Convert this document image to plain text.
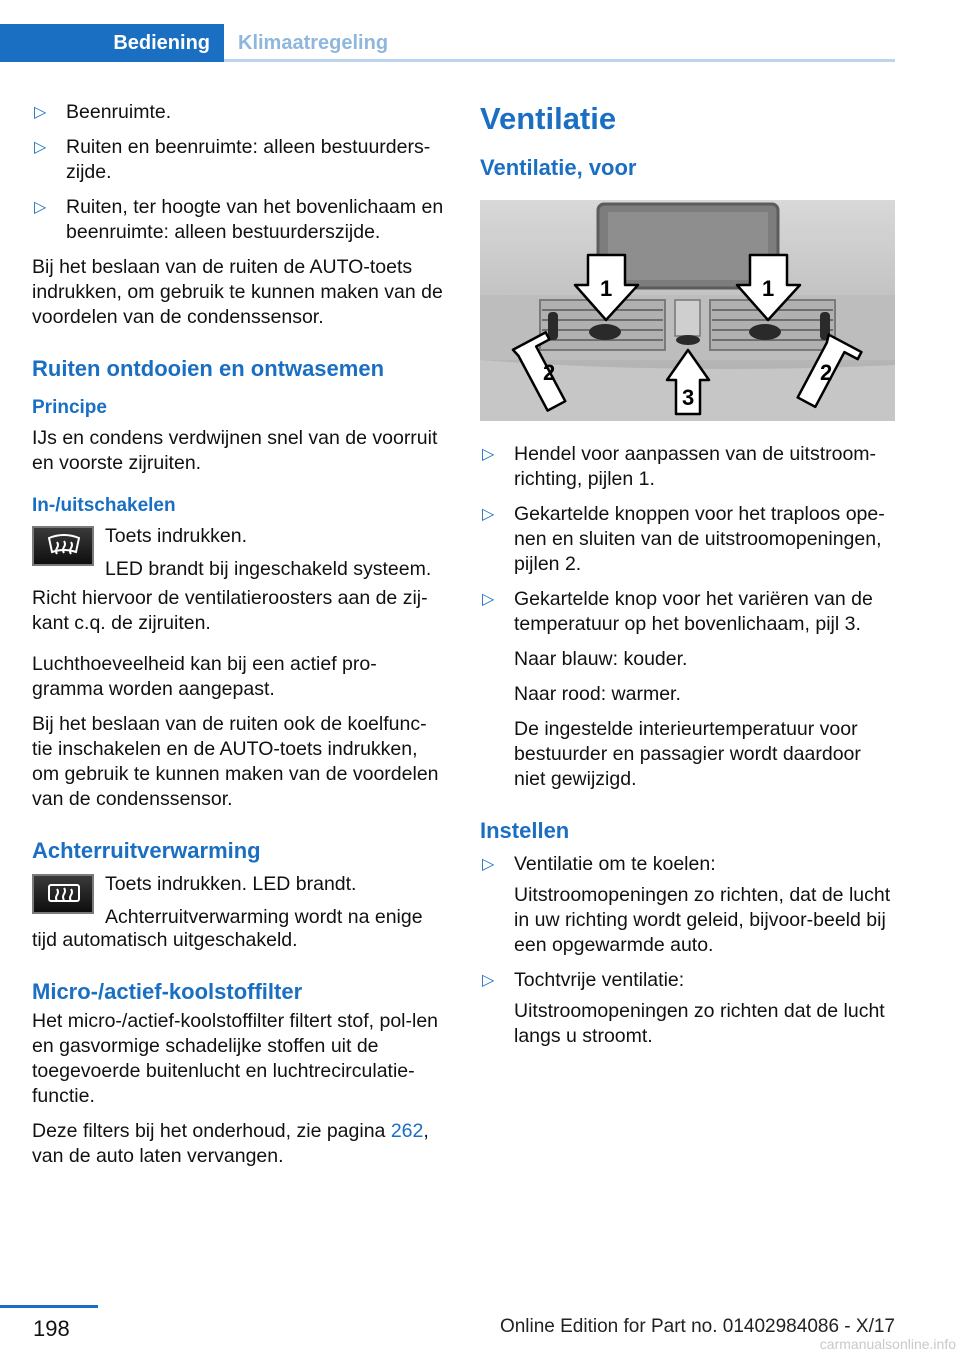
Bediening	Klimaatregeling
▷ Beenruimte.
▷ Ruiten en beenruimte: alleen bestuurders-zijde.
▷ Ruiten, ter hoogte van het bovenlichaam en beenruimte: alleen bestuurderszijde.

Bij het beslaan van de ruiten de AUTO-toets indrukken, om gebruik te kunnen maken van de voordelen van de condenssensor.

Ruiten ontdooien en ontwasemen
Principe

IJs en condens verdwijnen snel van de voorruit en voorste zijruiten.

In-/uitschakelen
Toets indrukken.
LED brandt bij ingeschakeld systeem.

Richt hiervoor de ventilatieroosters aan de zij-kant c.q. de zijruiten.

Luchthoeveelheid kan bij een actief pro-gramma worden aangepast.

Bij het beslaan van de ruiten ook de koelfunc-tie inschakelen en de AUTO-toets indrukken, om gebruik te kunnen maken van de voordelen van de condenssensor.

Achterruitverwarming
Toets indrukken. LED brandt.
Achterruitverwarming wordt na enige

tijd automatisch uitgeschakeld.

Micro-/actief-koolstoffilter

Het micro-/actief-koolstoffilter filtert stof, pol-len en gasvormige schadelijke stoffen uit de toegevoerde buitenlucht en luchtrecirculatie-functie.

Deze filters bij het onderhoud, zie pagina 262,
van de auto laten vervangen.

Ventilatie
Ventilatie, voor
1	1
2
3
2
▷ Hendel voor aanpassen van de uitstroom-richting, pijlen 1.
▷ Gekartelde knoppen voor het traploos ope-nen en sluiten van de uitstroomopeningen, pijlen 2.
▷ Gekartelde knop voor het variëren van de temperatuur op het bovenlichaam, pijl 3.

Naar blauw: kouder.

Naar rood: warmer.

De ingestelde interieurtemperatuur voor bestuurder en passagier wordt daardoor niet gewijzigd.

Instellen
▷ Ventilatie om te koelen:

Uitstroomopeningen zo richten, dat de lucht in uw richting wordt geleid, bijvoor-beeld bij een opgewarmde auto.

▷ Tochtvrije ventilatie:

Uitstroomopeningen zo richten dat de lucht langs u stroomt.

198	Online Edition for Part no. 01402984086 - X/17
carmanualsonline.info
